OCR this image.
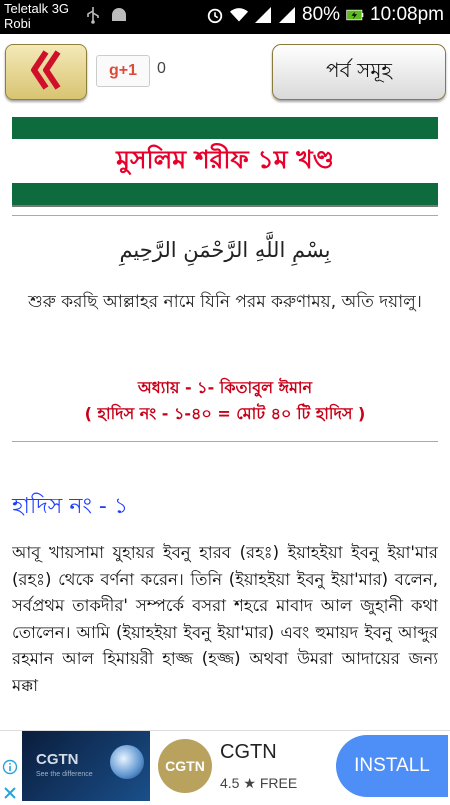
Teletalk 3G
Robi	80% 10:08pm
g+1	0	পর্ব সমূহ
মুসলিম শরীফ ১ম খণ্ড
بِسْمِ اللَّهِ الرَّحْمَنِ الرَّحِيمِ
শুরু করছি আল্লাহর নামে যিনি পরম করুণাময়, অতি দয়ালু।
অধ্যায় - ১- কিতাবুল ঈমান
( হাদিস নং - ১-৪০ = মোট ৪০ টি হাদিস )
হাদিস নং - ১
আবূ খায়সামা যুহায়র ইবনু হারব (রহঃ) ইয়াহইয়া ইবনু ইয়া'মার (রহঃ) থেকে বর্ণনা করেন। তিনি (ইয়াহইয়া ইবনু ইয়া'মার) বলেন, সর্বপ্রথম তাকদীর' সম্পর্কে বসরা শহরে মাবাদ আল জুহানী কথা তোলেন। আমি (ইয়াহইয়া ইবনু ইয়া'মার) এবং হুমায়দ ইবনু আব্দুর রহমান আল হিমায়রী হাজ্জ (হজ্জ) অথবা উমরা আদায়ের জন্য মক্কা
CGTN
See the difference
CGTN
CGTN
4.5 ★ FREE
INSTALL
